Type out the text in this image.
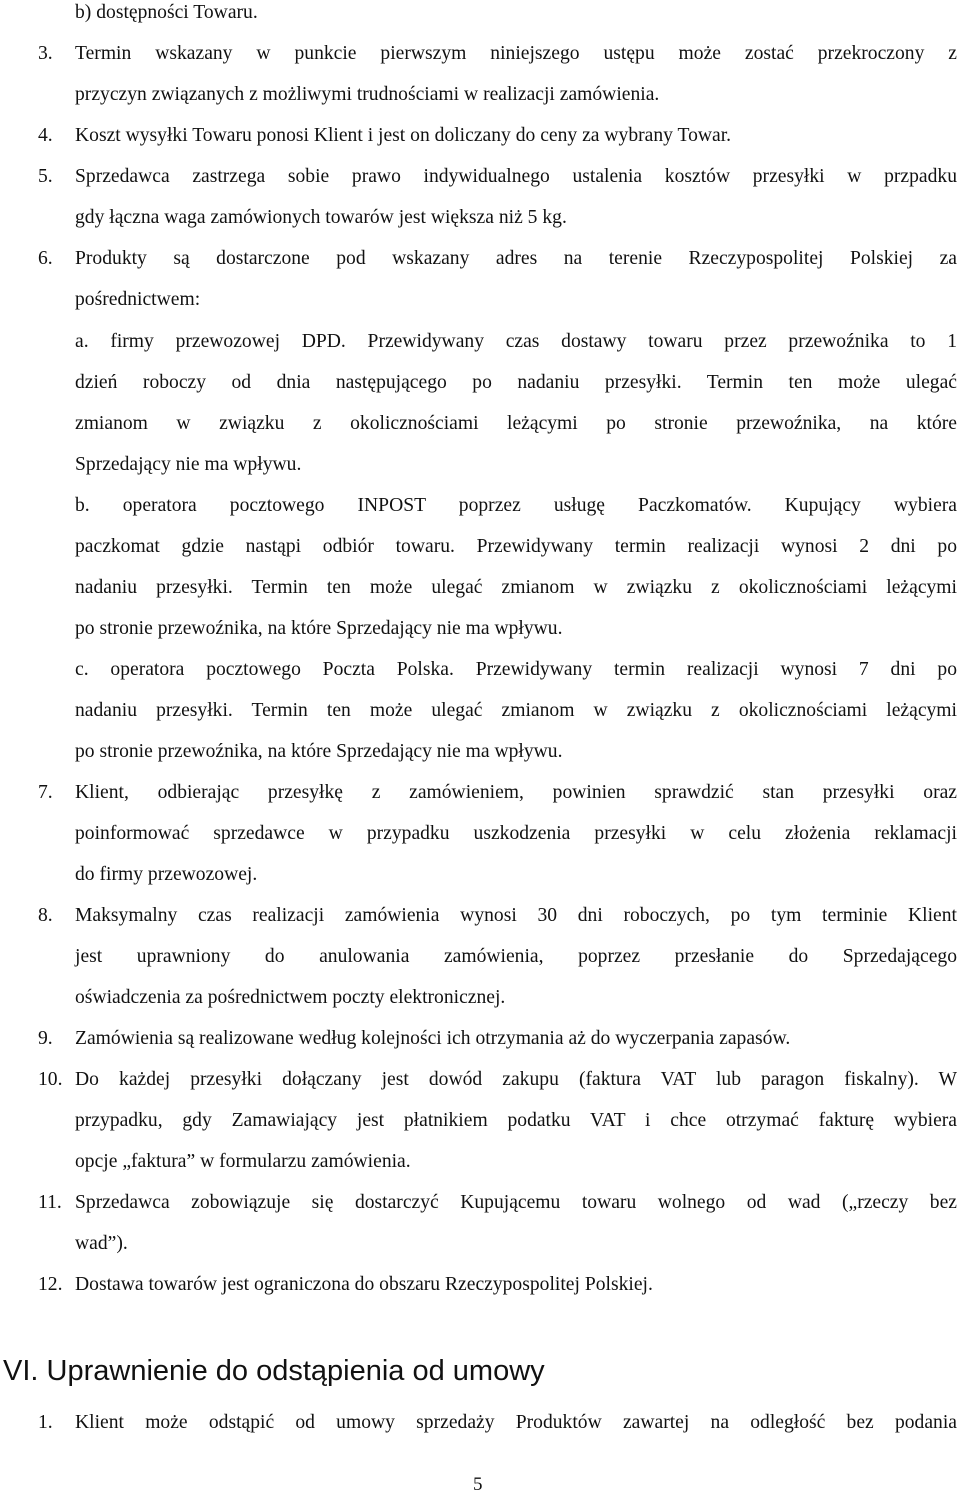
b) dostępności Towaru.
3. Termin wskazany w punkcie pierwszym niniejszego ustępu może zostać przekroczony z
przyczyn związanych z możliwymi trudnościami w realizacji zamówienia.
4. Koszt wysyłki Towaru ponosi Klient i jest on doliczany do ceny za wybrany Towar.
5. Sprzedawca zastrzega sobie prawo indywidualnego ustalenia kosztów przesyłki w przpadku
gdy łączna waga zamówionych towarów jest większa niż 5 kg.
6. Produkty są dostarczone pod wskazany adres na terenie Rzeczypospolitej Polskiej za
pośrednictwem:
a. firmy przewozowej DPD. Przewidywany czas dostawy towaru przez przewoźnika to 1
dzień roboczy od dnia następującego po nadaniu przesyłki. Termin ten może ulegać
zmianom w związku z okolicznościami leżącymi po stronie przewoźnika, na które
Sprzedający nie ma wpływu.
b. operatora pocztowego INPOST poprzez usługę Paczkomatów. Kupujący wybiera
paczkomat gdzie nastąpi odbiór towaru. Przewidywany termin realizacji wynosi 2 dni po
nadaniu przesyłki. Termin ten może ulegać zmianom w związku z okolicznościami leżącymi
po stronie przewoźnika, na które Sprzedający nie ma wpływu.
c. operatora pocztowego Poczta Polska. Przewidywany termin realizacji wynosi 7 dni po
nadaniu przesyłki. Termin ten może ulegać zmianom w związku z okolicznościami leżącymi
po stronie przewoźnika, na które Sprzedający nie ma wpływu.
7. Klient, odbierając przesyłkę z zamówieniem, powinien sprawdzić stan przesyłki oraz
poinformować sprzedawce w przypadku uszkodzenia przesyłki w celu złożenia reklamacji
do firmy przewozowej.
8. Maksymalny czas realizacji zamówienia wynosi 30 dni roboczych, po tym terminie Klient
jest uprawniony do anulowania zamówienia, poprzez przesłanie do Sprzedającego
oświadczenia za pośrednictwem poczty elektronicznej.
9. Zamówienia są realizowane według kolejności ich otrzymania aż do wyczerpania zapasów.
10. Do każdej przesyłki dołączany jest dowód zakupu (faktura VAT lub paragon fiskalny). W
przypadku, gdy Zamawiający jest płatnikiem podatku VAT i chce otrzymać fakturę wybiera
opcje „faktura” w formularzu zamówienia.
11. Sprzedawca zobowiązuje się dostarczyć Kupującemu towaru wolnego od wad („rzeczy bez
wad”).
12. Dostawa towarów jest ograniczona do obszaru Rzeczypospolitej Polskiej.
VI. Uprawnienie do odstąpienia od umowy
1. Klient może odstąpić od umowy sprzedaży Produktów zawartej na odległość bez podania
5
